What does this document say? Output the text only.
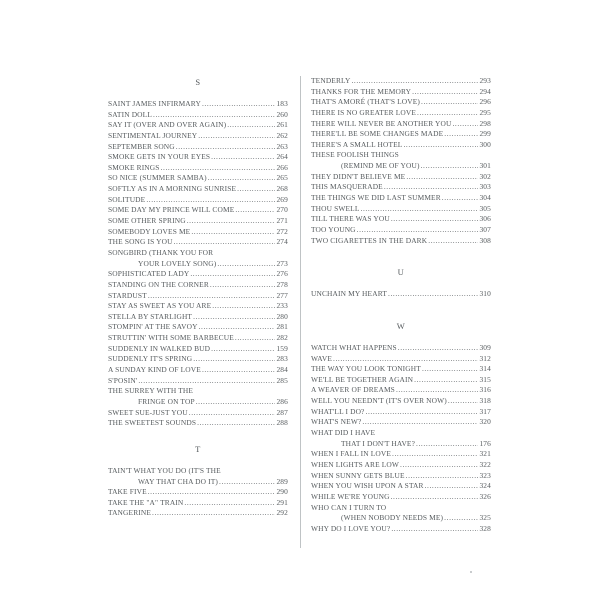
S
SAINT JAMES INFIRMARY .....	183
SATIN DOLL .....	260
SAY IT (OVER AND OVER AGAIN) .....	261
SENTIMENTAL JOURNEY .....	262
SEPTEMBER SONG .....	263
SMOKE GETS IN YOUR EYES .....	264
SMOKE RINGS .....	266
SO NICE (SUMMER SAMBA) .....	265
SOFTLY AS IN A MORNING SUNRISE .....	268
SOLITUDE .....	269
SOME DAY MY PRINCE WILL COME .....	270
SOME OTHER SPRING .....	271
SOMEBODY LOVES ME .....	272
THE SONG IS YOU .....	274
SONGBIRD (THANK YOU FOR
YOUR LOVELY SONG) .....	273
SOPHISTICATED LADY .....	276
STANDING ON THE CORNER .....	278
STARDUST .....	277
STAY AS SWEET AS YOU ARE .....	233
STELLA BY STARLIGHT .....	280
STOMPIN' AT THE SAVOY .....	281
STRUTTIN' WITH SOME BARBECUE .....	282
SUDDENLY IN WALKED BUD .....	159
SUDDENLY IT'S SPRING .....	283
A SUNDAY KIND OF LOVE .....	284
S'POSIN' .....	285
THE SURREY WITH THE
FRINGE ON TOP .....	286
SWEET SUE-JUST YOU .....	287
THE SWEETEST SOUNDS .....	288
T
TAIN'T WHAT YOU DO (IT'S THE
WAY THAT CHA DO IT) .....	289
TAKE FIVE .....	290
TAKE THE "A" TRAIN .....	291
TANGERINE .....	292
TENDERLY .....	293
THANKS FOR THE MEMORY .....	294
THAT'S AMORÉ (THAT'S LOVE) .....	296
THERE IS NO GREATER LOVE .....	295
THERE WILL NEVER BE ANOTHER YOU .....	298
THERE'LL BE SOME CHANGES MADE .....	299
THERE'S A SMALL HOTEL .....	300
THESE FOOLISH THINGS
(REMIND ME OF YOU) .....	301
THEY DIDN'T BELIEVE ME .....	302
THIS MASQUERADE .....	303
THE THINGS WE DID LAST SUMMER .....	304
THOU SWELL .....	305
TILL THERE WAS YOU .....	306
TOO YOUNG .....	307
TWO CIGARETTES IN THE DARK .....	308
U
UNCHAIN MY HEART .....	310
W
WATCH WHAT HAPPENS .....	309
WAVE .....	312
THE WAY YOU LOOK TONIGHT .....	314
WE'LL BE TOGETHER AGAIN .....	315
A WEAVER OF DREAMS .....	316
WELL YOU NEEDN'T (IT'S OVER NOW) .....	318
WHAT'LL I DO? .....	317
WHAT'S NEW? .....	320
WHAT DID I HAVE
THAT I DON'T HAVE? .....	176
WHEN I FALL IN LOVE .....	321
WHEN LIGHTS ARE LOW .....	322
WHEN SUNNY GETS BLUE .....	323
WHEN YOU WISH UPON A STAR .....	324
WHILE WE'RE YOUNG .....	326
WHO CAN I TURN TO
(WHEN NOBODY NEEDS ME) .....	325
WHY DO I LOVE YOU? .....	328
